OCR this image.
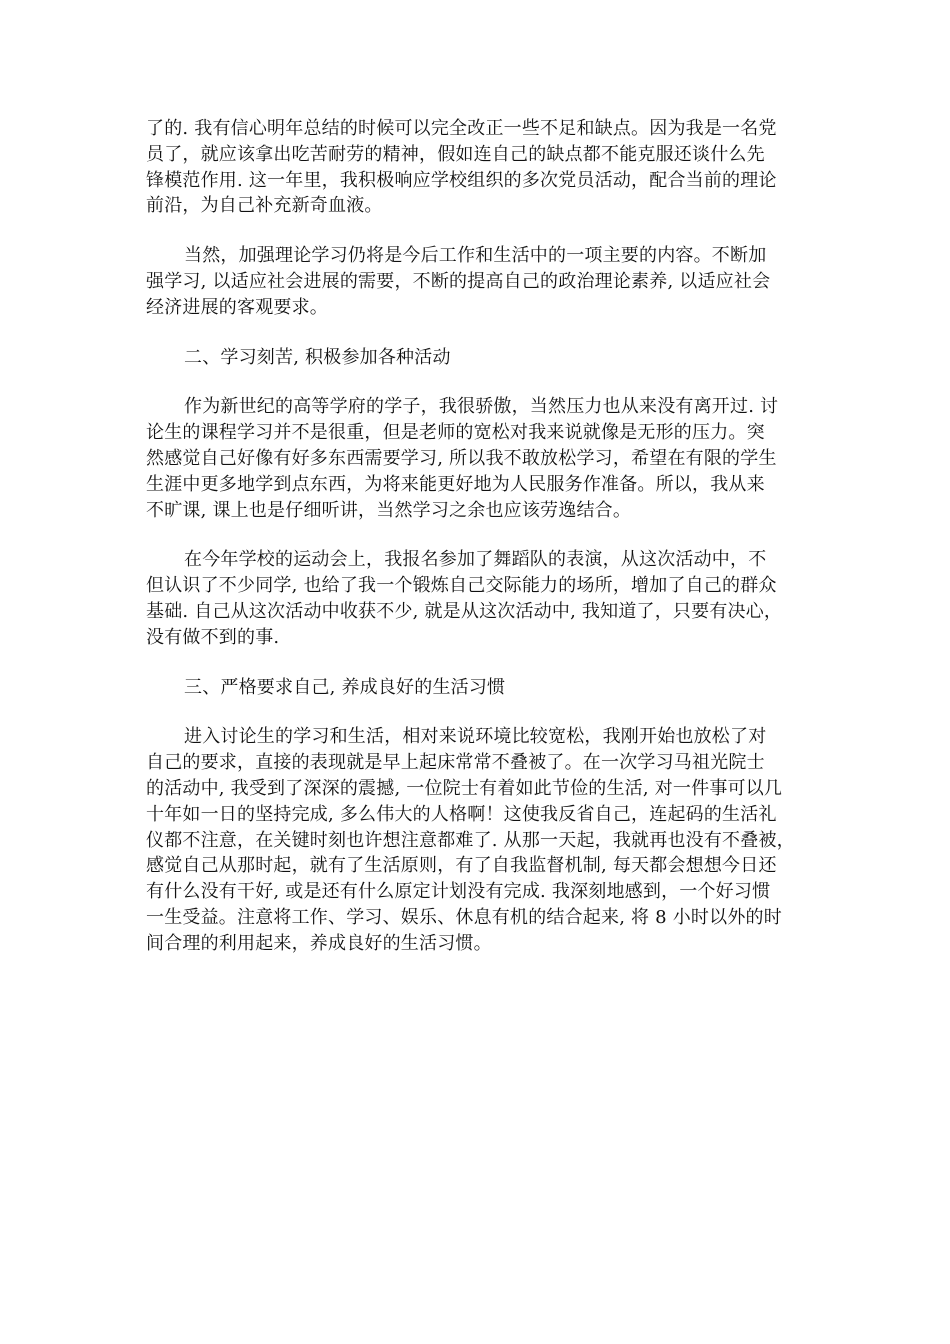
了的. 我有信心明年总结的时候可以完全改正一些不足和缺点。因为我是一名党
员了，就应该拿出吃苦耐劳的精神，假如连自己的缺点都不能克服还谈什么先
锋模范作用. 这一年里，我积极响应学校组织的多次党员活动，配合当前的理论
前沿，为自己补充新奇血液。
当然，加强理论学习仍将是今后工作和生活中的一项主要的内容。不断加
强学习, 以适应社会进展的需要，不断的提高自己的政治理论素养, 以适应社会
经济进展的客观要求。
二、学习刻苦, 积极参加各种活动
作为新世纪的高等学府的学子，我很骄傲，当然压力也从来没有离开过. 讨
论生的课程学习并不是很重，但是老师的宽松对我来说就像是无形的压力。突
然感觉自己好像有好多东西需要学习, 所以我不敢放松学习，希望在有限的学生
生涯中更多地学到点东西，为将来能更好地为人民服务作准备。所以，我从来
不旷课, 课上也是仔细听讲，当然学习之余也应该劳逸结合。
在今年学校的运动会上，我报名参加了舞蹈队的表演，从这次活动中，不
但认识了不少同学, 也给了我一个锻炼自己交际能力的场所，增加了自己的群众
基础. 自己从这次活动中收获不少, 就是从这次活动中, 我知道了，只要有决心，
没有做不到的事.
三、严格要求自己, 养成良好的生活习惯
进入讨论生的学习和生活，相对来说环境比较宽松，我刚开始也放松了对
自己的要求，直接的表现就是早上起床常常不叠被了。在一次学习马祖光院士
的活动中, 我受到了深深的震撼, 一位院士有着如此节俭的生活, 对一件事可以几
十年如一日的坚持完成, 多么伟大的人格啊！这使我反省自己，连起码的生活礼
仪都不注意，在关键时刻也许想注意都难了. 从那一天起，我就再也没有不叠被，
感觉自己从那时起，就有了生活原则，有了自我监督机制, 每天都会想想今日还
有什么没有干好, 或是还有什么原定计划没有完成. 我深刻地感到，一个好习惯
一生受益。注意将工作、学习、娱乐、休息有机的结合起来, 将 8 小时以外的时
间合理的利用起来，养成良好的生活习惯。
